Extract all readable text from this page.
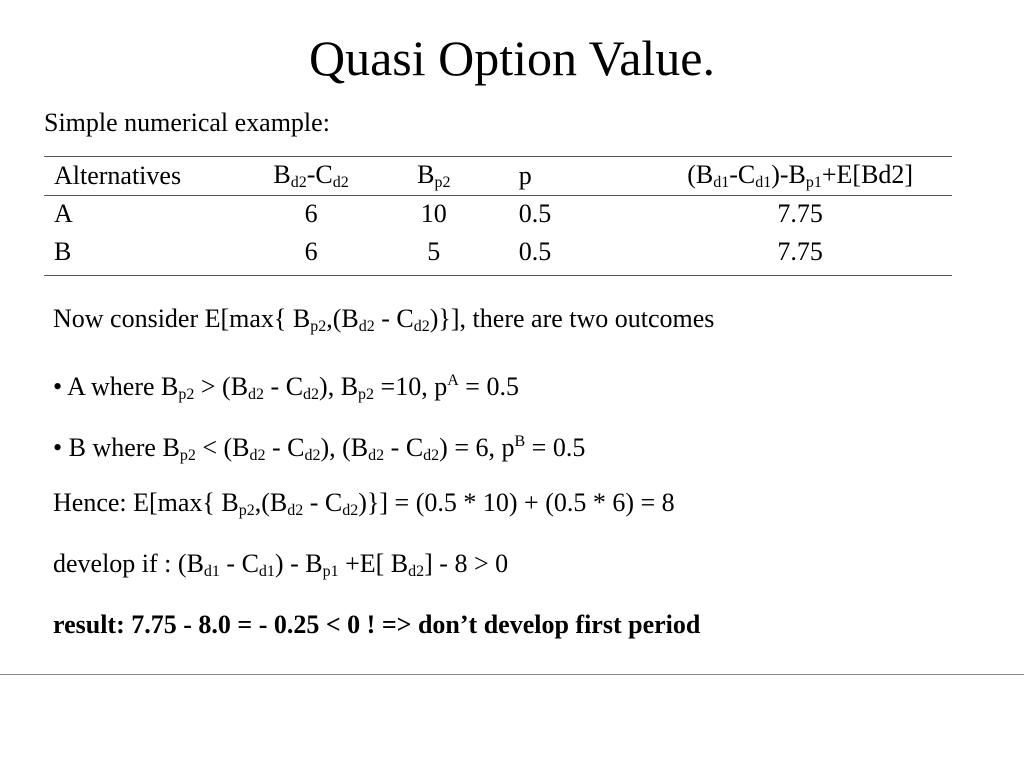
Quasi Option Value.
Simple numerical example:
Alternatives	$B_{d2}-C_{d2}$	$B_{p2}$	p	$(B_{d1}-C_{d1})-B_{p1}+E[Bd2]$
A	6	10	0.5	7.75
B	6	5	0.5	7.75
Now consider E[max{ $B_{p2},(B_{d2} - C_{d2})$}], there are two outcomes
• A where $B_{p2} > (B_{d2} - C_{d2})$, $B_{p2} =10$, $p^A = 0.5$
• B where $B_{p2} < (B_{d2} - C_{d2})$, $(B_{d2} - C_{d2}) = 6$, $p^B = 0.5$
Hence: E[max{ $B_{p2},(B_{d2} - C_{d2})\}] = (0.5 * 10) + (0.5 * 6) = 8$
develop if : $(B_{d1} - C_{d1}) - B_{p1} +E$[ $B_{d2}] - 8 > 0$
result: 7.75 - 8.0 = - 0.25 < 0 ! => don’t develop first period
